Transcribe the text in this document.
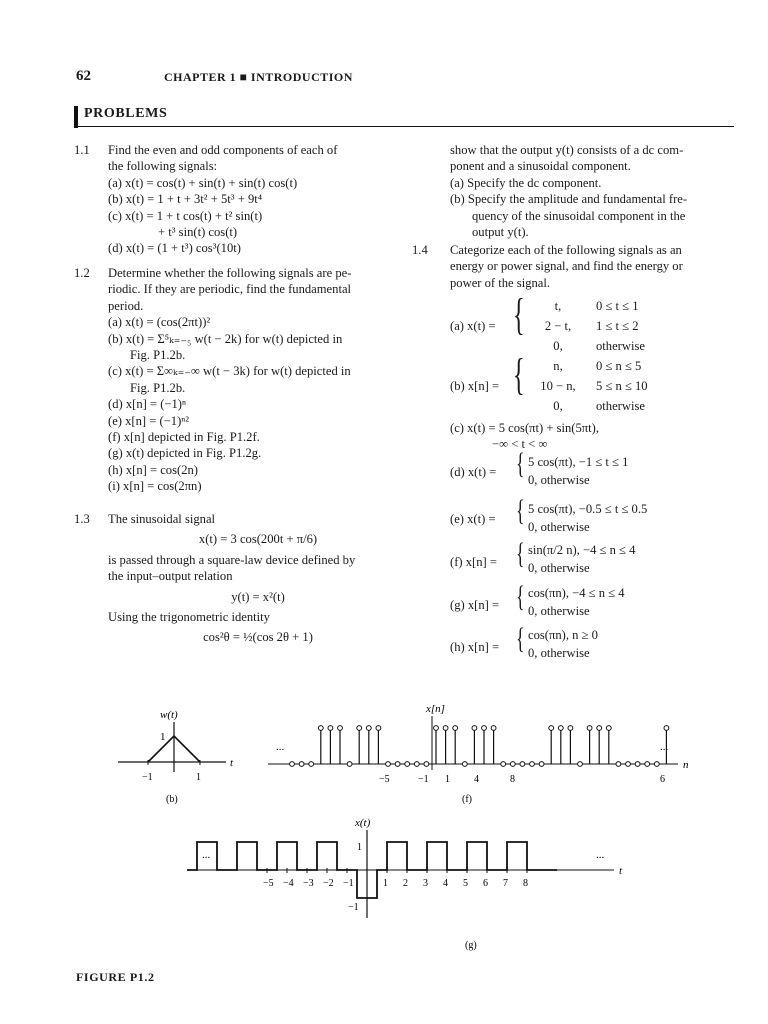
62	CHAPTER 1 ■ INTRODUCTION
PROBLEMS
1.1 Find the even and odd components of each of
the following signals:
(a) x(t) = cos(t) + sin(t) + sin(t) cos(t)
(b) x(t) = 1 + t + 3t² + 5t³ + 9t⁴
(c) x(t) = 1 + t cos(t) + t² sin(t)
+ t³ sin(t) cos(t)
(d) x(t) = (1 + t³) cos³(10t)
1.2 Determine whether the following signals are pe-
riodic. If they are periodic, find the fundamental
period.
(a) x(t) = (cos(2πt))²
(b) x(t) = Σ⁵ₖ₌₋₅ w(t − 2k) for w(t) depicted in
Fig. P1.2b.
(c) x(t) = Σ∞ₖ₌₋∞ w(t − 3k) for w(t) depicted in
Fig. P1.2b.
(d) x[n] = (−1)ⁿ
(e) x[n] = (−1)ⁿ²
(f) x[n] depicted in Fig. P1.2f.
(g) x(t) depicted in Fig. P1.2g.
(h) x[n] = cos(2n)
(i) x[n] = cos(2πn)
1.3 The sinusoidal signal
x(t) = 3 cos(200t + π/6)
is passed through a square-law device defined by
the input–output relation
y(t) = x²(t)
Using the trigonometric identity
cos²θ = ½(cos 2θ + 1)
show that the output y(t) consists of a dc com-
ponent and a sinusoidal component.
(a) Specify the dc component.
(b) Specify the amplitude and fundamental fre-
quency of the sinusoidal component in the
output y(t).
1.4 Categorize each of the following signals as an
energy or power signal, and find the energy or
power of the signal.
(a) x(t) = {	t,	0 ≤ t ≤ 1
2 − t,	1 ≤ t ≤ 2
0,	otherwise
(b) x[n] = {	n,	0 ≤ n ≤ 5
10 − n,	5 ≤ n ≤ 10
0,	otherwise
(c) x(t) = 5 cos(πt) + sin(5πt),
−∞ < t < ∞
(d) x(t) = { 5 cos(πt), −1 ≤ t ≤ 1
0, otherwise
(e) x(t) = { 5 cos(πt), −0.5 ≤ t ≤ 0.5
0, otherwise
(f) x[n] = { sin(π/2 n), −4 ≤ n ≤ 4
0, otherwise
(g) x[n] = { cos(πn), −4 ≤ n ≤ 4
0, otherwise
(h) x[n] = { cos(πn), n ≥ 0
0, otherwise
w(t)
1
t
−1	1
(b)
x[n]
n
...	...
−5	−1 1 4	8	6
(f)
x(t)
t
1
−1
...	...
(g)
−5 −4 −3 −2 −1	1 2 3 4 5 6 7 8
FIGURE P1.2
